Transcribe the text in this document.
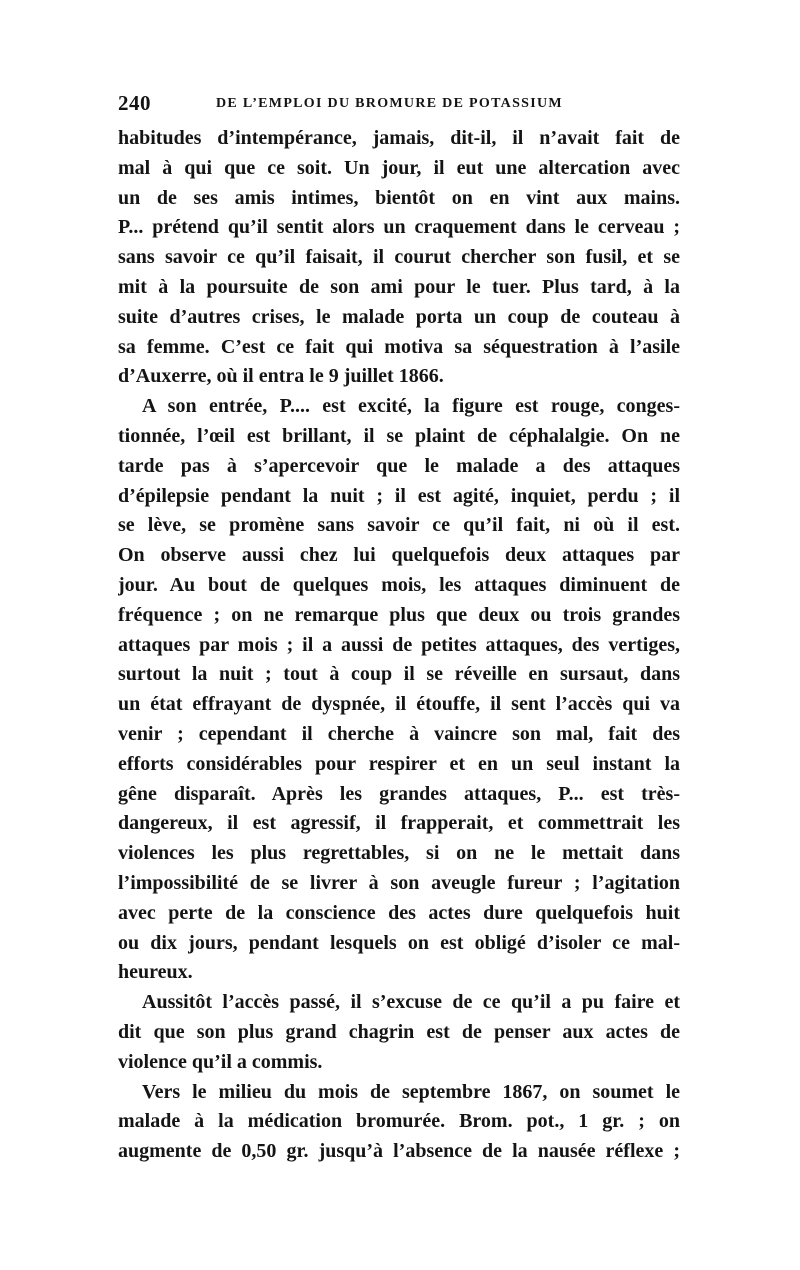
240	DE L’EMPLOI DU BROMURE DE POTASSIUM
habitudes d’intempérance, jamais, dit-il, il n’avait fait de
mal à qui que ce soit. Un jour, il eut une altercation avec
un de ses amis intimes, bientôt on en vint aux mains.
P... prétend qu’il sentit alors un craquement dans le cerveau ;
sans savoir ce qu’il faisait, il courut chercher son fusil, et se
mit à la poursuite de son ami pour le tuer. Plus tard, à la
suite d’autres crises, le malade porta un coup de couteau à
sa femme. C’est ce fait qui motiva sa séquestration à l’asile
d’Auxerre, où il entra le 9 juillet 1866.
A son entrée, P.... est excité, la figure est rouge, conges-
tionnée, l’œil est brillant, il se plaint de céphalalgie. On ne
tarde pas à s’apercevoir que le malade a des attaques
d’épilepsie pendant la nuit ; il est agité, inquiet, perdu ; il
se lève, se promène sans savoir ce qu’il fait, ni où il est.
On observe aussi chez lui quelquefois deux attaques par
jour. Au bout de quelques mois, les attaques diminuent de
fréquence ; on ne remarque plus que deux ou trois grandes
attaques par mois ; il a aussi de petites attaques, des vertiges,
surtout la nuit ; tout à coup il se réveille en sursaut, dans
un état effrayant de dyspnée, il étouffe, il sent l’accès qui va
venir ; cependant il cherche à vaincre son mal, fait des
efforts considérables pour respirer et en un seul instant la
gêne disparaît. Après les grandes attaques, P... est très-
dangereux, il est agressif, il frapperait, et commettrait les
violences les plus regrettables, si on ne le mettait dans
l’impossibilité de se livrer à son aveugle fureur ; l’agitation
avec perte de la conscience des actes dure quelquefois huit
ou dix jours, pendant lesquels on est obligé d’isoler ce mal-
heureux.
Aussitôt l’accès passé, il s’excuse de ce qu’il a pu faire et
dit que son plus grand chagrin est de penser aux actes de
violence qu’il a commis.
Vers le milieu du mois de septembre 1867, on soumet le
malade à la médication bromurée. Brom. pot., 1 gr. ; on
augmente de 0,50 gr. jusqu’à l’absence de la nausée réflexe ;
